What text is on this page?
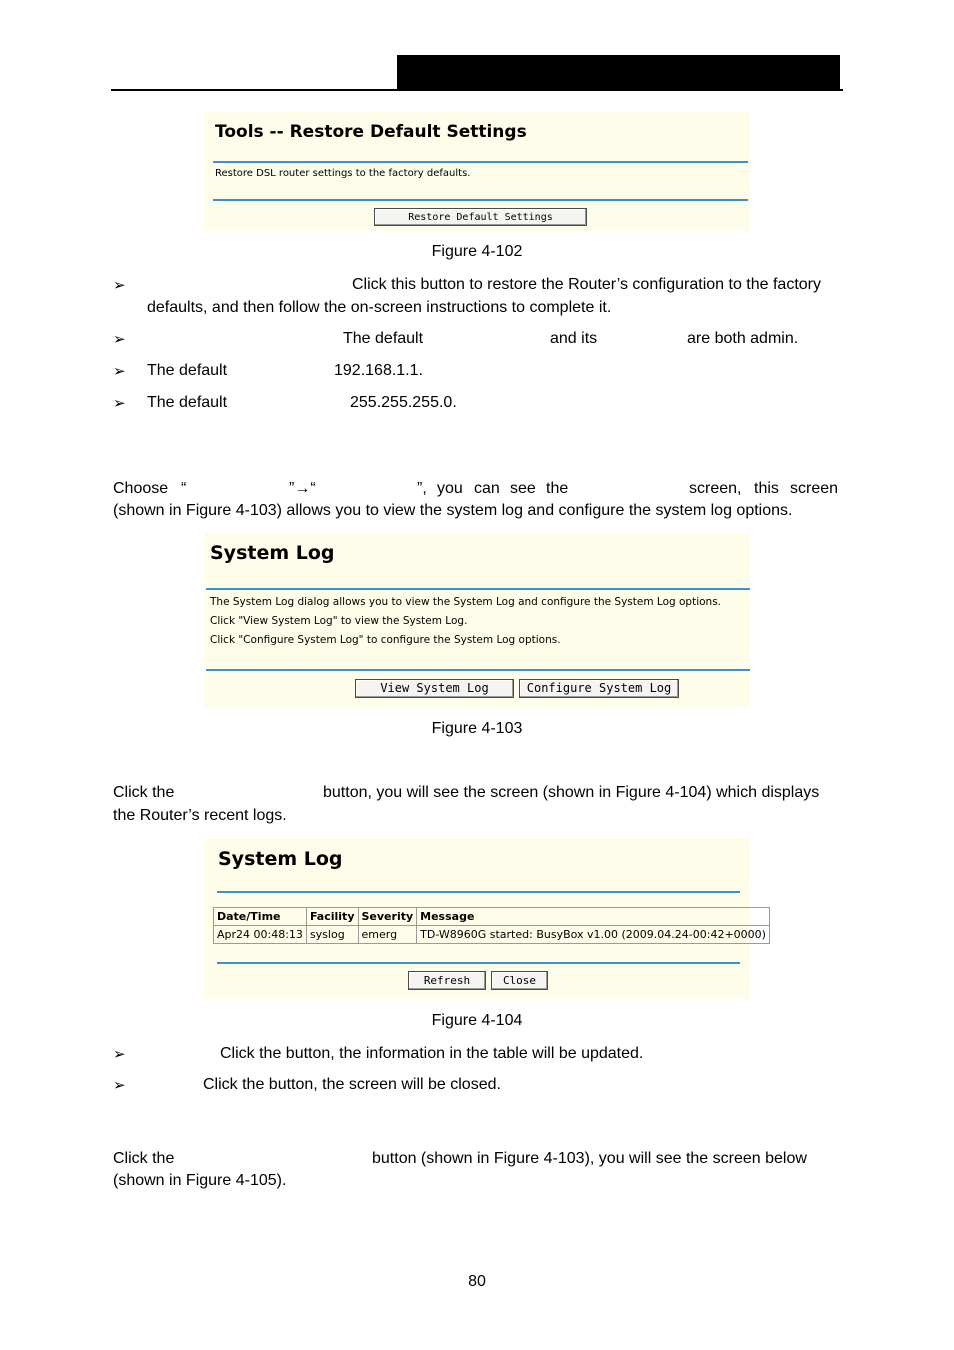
Tools -- Restore Default Settings
Restore DSL router settings to the factory defaults.
Restore Default Settings
Figure 4-102
➢	Click this button to restore the Router’s configuration to the factory
defaults, and then follow the on-screen instructions to complete it.
➢	The default	and its	are both admin.
➢ The default	192.168.1.1.
➢ The default	255.255.255.0.
Choose “	”→“	”, you can see the	screen, this screen
(shown in Figure 4-103) allows you to view the system log and configure the system log options.
System Log
The System Log dialog allows you to view the System Log and configure the System Log options.
Click "View System Log" to view the System Log.
Click "Configure System Log" to configure the System Log options.
View System Log	Configure System Log
Figure 4-103
Click the	button, you will see the screen (shown in Figure 4-104) which displays
the Router’s recent logs.
System Log
Date/Time	Facility	Severity	Message
Apr24 00:48:13	syslog	emerg	TD-W8960G started: BusyBox v1.00 (2009.04.24-00:42+0000)
Refresh	Close
Figure 4-104
➢	Click the button, the information in the table will be updated.
➢	Click the button, the screen will be closed.
Click the	button (shown in Figure 4-103), you will see the screen below
(shown in Figure 4-105).
80
